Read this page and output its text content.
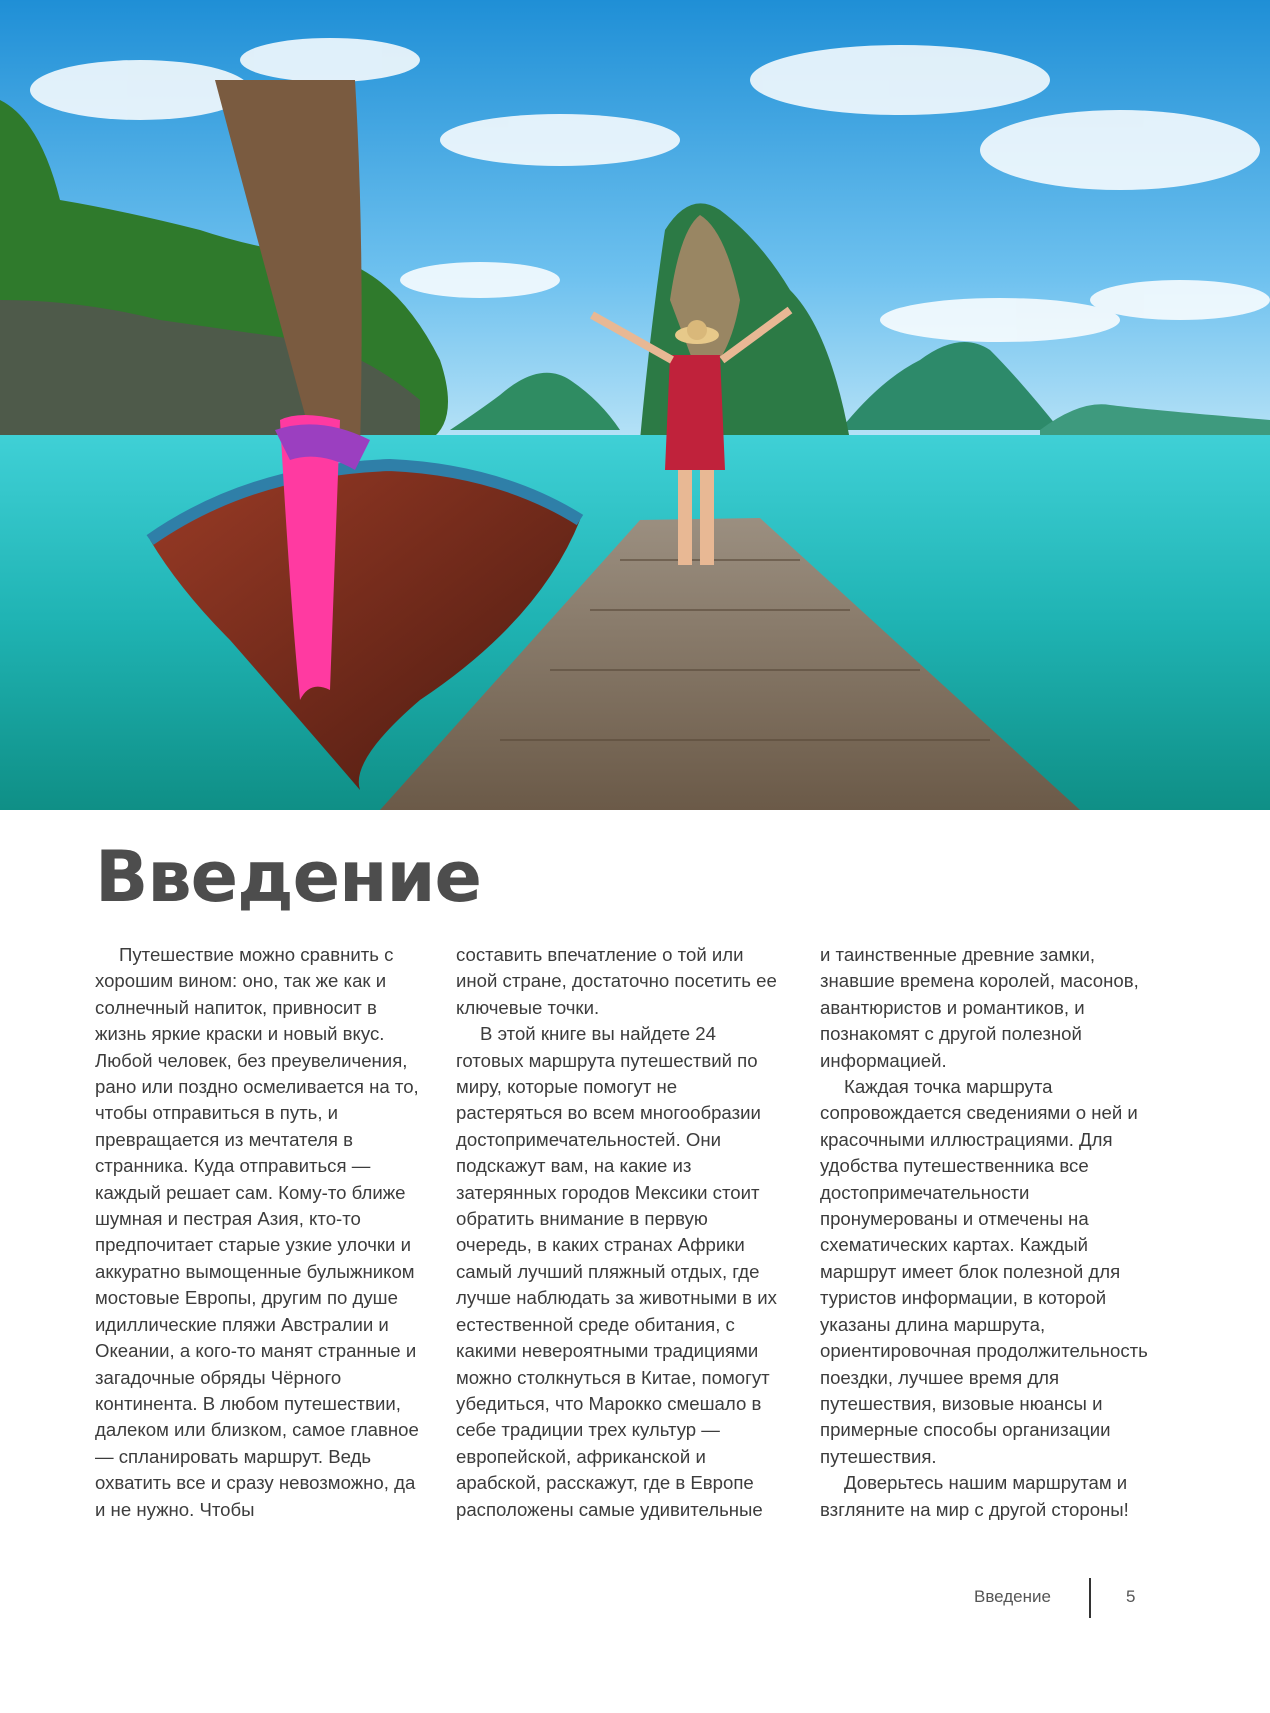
Введение

Путешествие можно сравнить с хорошим вином: оно, так же как и солнечный напиток, привносит в жизнь яркие краски и новый вкус. Любой человек, без преувеличения, рано или поздно осмеливается на то, чтобы отправиться в путь, и превращается из мечтателя в странника. Куда отправиться — каждый решает сам. Кому-то ближе шумная и пестрая Азия, кто-то предпочитает старые узкие улочки и аккуратно вымощенные булыжником мостовые Европы, другим по душе идиллические пляжи Австралии и Океании, а кого-то манят странные и загадочные обряды Чёрного континента. В любом путешествии, далеком или близком, самое главное — спланировать маршрут. Ведь охватить все и сразу невозможно, да и не нужно. Чтобы

составить впечатление о той или иной стране, достаточно посетить ее ключевые точки.

В этой книге вы найдете 24 готовых маршрута путешествий по миру, которые помогут не растеряться во всем многообразии достопримечательностей. Они подскажут вам, на какие из затерянных городов Мексики стоит обратить внимание в первую очередь, в каких странах Африки самый лучший пляжный отдых, где лучше наблюдать за животными в их естественной среде обитания, с какими невероятными традициями можно столкнуться в Китае, помогут убедиться, что Марокко смешало в себе традиции трех культур — европейской, африканской и арабской, расскажут, где в Европе расположены самые удивительные

и таинственные древние замки, знавшие времена королей, масонов, авантюристов и романтиков, и познакомят с другой полезной информацией.

Каждая точка маршрута сопровождается сведениями о ней и красочными иллюстрациями. Для удобства путешественника все достопримечательности пронумерованы и отмечены на схематических картах. Каждый маршрут имеет блок полезной для туристов информации, в которой указаны длина маршрута, ориентировочная продолжительность поездки, лучшее время для путешествия, визовые нюансы и примерные способы организации путешествия.

Доверьтесь нашим маршрутам и взгляните на мир с другой стороны!

Введение	5
